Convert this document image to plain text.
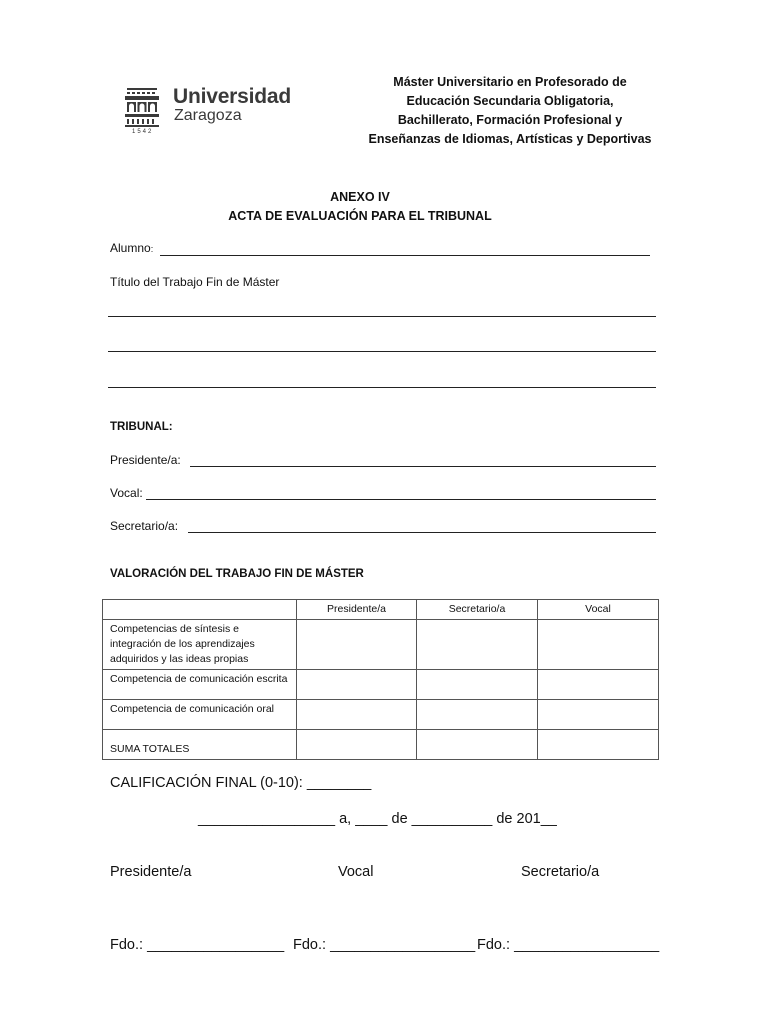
1542
Universidad
Zaragoza
Máster Universitario en Profesorado de
Educación Secundaria Obligatoria,
Bachillerato, Formación Profesional y
Enseñanzas de Idiomas, Artísticas y Deportivas
ANEXO IV
ACTA DE EVALUACIÓN PARA EL TRIBUNAL
Alumno:
Título del Trabajo Fin de Máster
TRIBUNAL:
Presidente/a:
Vocal:
Secretario/a:
VALORACIÓN DEL TRABAJO FIN DE MÁSTER
	Presidente/a	Secretario/a	Vocal
Competencias de síntesis e integración de los aprendizajes adquiridos y las ideas propias			
Competencia de comunicación escrita			
Competencia de comunicación oral			
SUMA TOTALES			
CALIFICACIÓN FINAL (0-10): ________
_________________ a, ____ de __________ de 201__
Presidente/a	Vocal	Secretario/a
Fdo.: _________________ Fdo.: __________________ Fdo.: __________________
